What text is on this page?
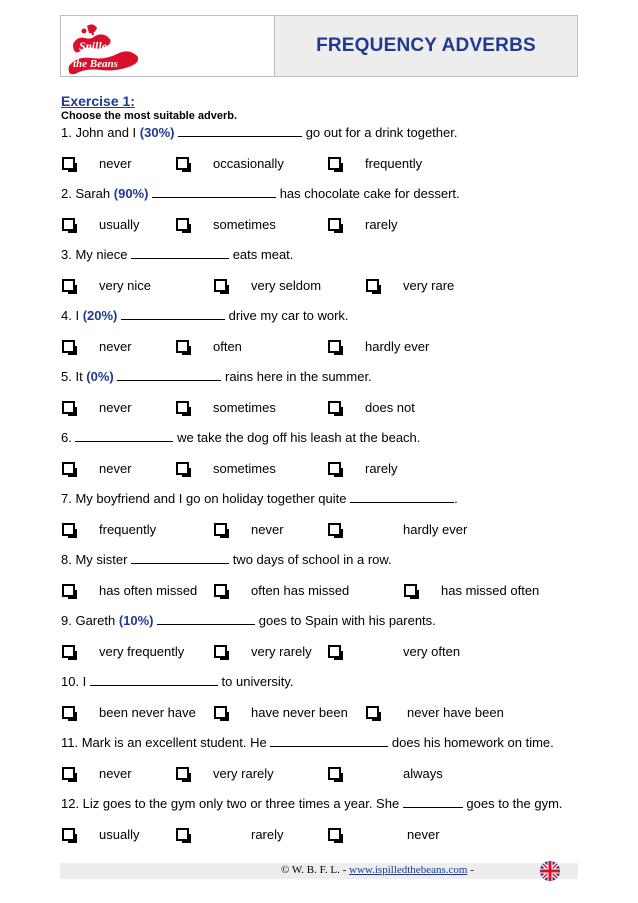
Spilled
the Beans
FREQUENCY ADVERBS
Exercise 1:
Choose the most suitable adverb.
1. John and I (30%)	go out for a drink together.
never	occasionally	frequently
2. Sarah (90%)	has chocolate cake for dessert.
usually	sometimes	rarely
3. My niece	eats meat.
very nice	very seldom	very rare
4. I (20%)	drive my car to work.
never	often	hardly ever
5. It (0%)	rains here in the summer.
never	sometimes	does not
6.	we take the dog off his leash at the beach.
never	sometimes	rarely
7. My boyfriend and I go on holiday together quite	.
frequently	never	hardly ever
8. My sister	two days of school in a row.
has often missed	often has missed	has missed often
9. Gareth (10%)	goes to Spain with his parents.
very frequently	very rarely	very often
10. I	to university.
been never have	have never been	never have been
11. Mark is an excellent student. He	does his homework on time.
never	very rarely	always
12. Liz goes to the gym only two or three times a year. She	goes to the gym.
usually	rarely	never
© W. B. F. L. - www.ispilledthebeans.com -
